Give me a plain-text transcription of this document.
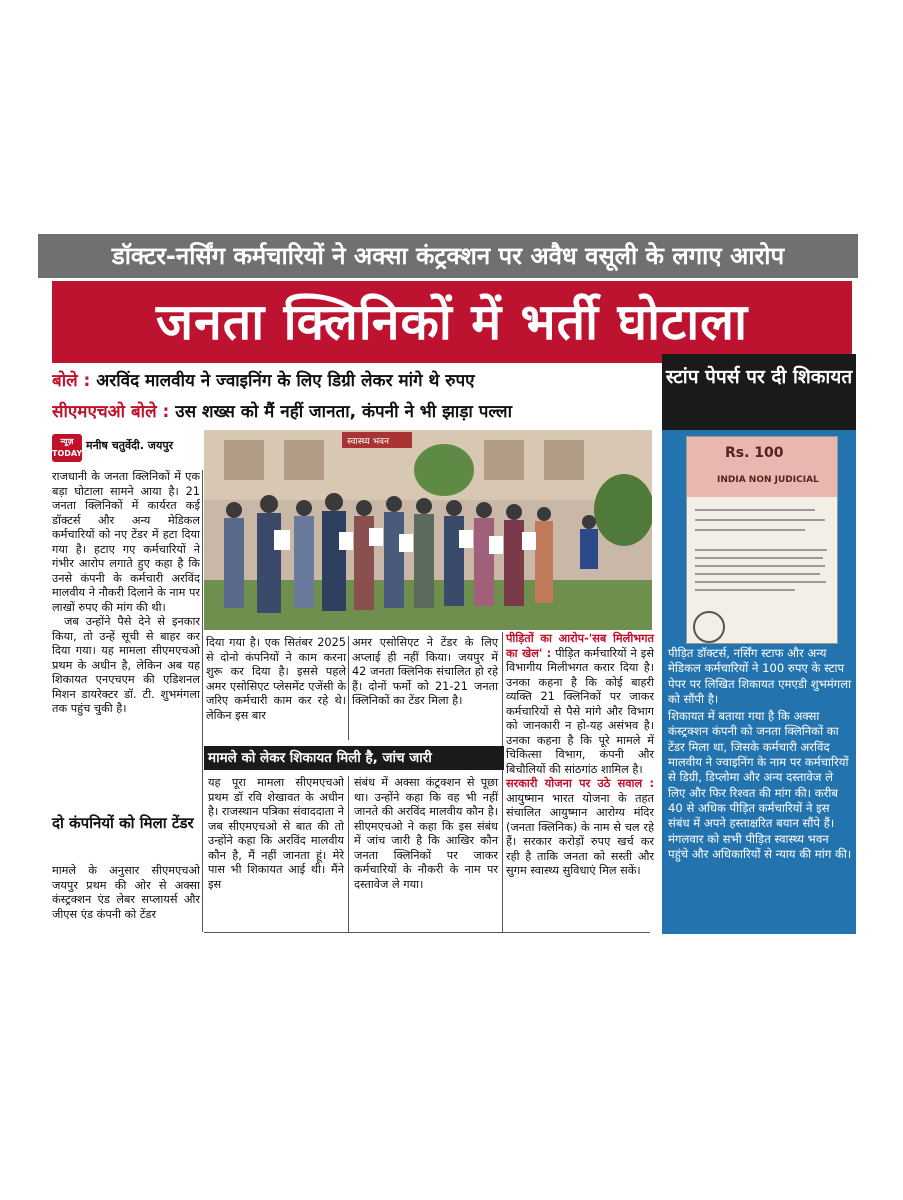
डॉक्टर-नर्सिंग कर्मचारियों ने अक्सा कंट्रक्शन पर अवैध वसूली के लगाए आरोप
जनता क्लिनिकों में भर्ती घोटाला
बोले : अरविंद मालवीय ने ज्वाइनिंग के लिए डिग्री लेकर मांगे थे रुपए
सीएमएचओ बोले : उस शख्स को मैं नहीं जानता, कंपनी ने भी झाड़ा पल्ला
स्टांप पेपर्स पर दी शिकायत
Rs. 100
INDIA NON JUDICIAL

पीड़ित डॉक्टर्स, नर्सिंग स्टाफ और अन्य मेडिकल कर्मचारियों ने 100 रुपए के स्टाप पेपर पर लिखित शिकायत एमएडी शुभमंगला को सौंपी है।

शिकायत में बताया गया है कि अक्सा कंस्ट्रक्शन कंपनी को जनता क्लिनिकों का टेंडर मिला था, जिसके कर्मचारी अरविंद मालवीय ने ज्वाइनिंग के नाम पर कर्मचारियों से डिग्री, डिप्लोमा और अन्य दस्तावेज ले लिए और फिर रिश्वत की मांग की। करीब 40 से अधिक पीड़ित कर्मचारियों ने इस संबंध में अपने हस्ताक्षरित बयान सौंपे हैं। मंगलवार को सभी पीड़ित स्वास्थ्य भवन पहुंचे और अधिकारियों से न्याय की मांग की।

न्यूज़
TODAY
मनीष चतुर्वेदी. जयपुर	स्वास्थ्य भवन

राजधानी के जनता क्लिनिकों में एक बड़ा घोटाला सामने आया है। 21 जनता क्लिनिकों में कार्यरत कई डॉक्टर्स और अन्य मेडिकल कर्मचारियों को नए टेंडर में हटा दिया गया है। हटाए गए कर्मचारियों ने गंभीर आरोप लगाते हुए कहा है कि उनसे कंपनी के कर्मचारी अरविंद मालवीय ने नौकरी दिलाने के नाम पर लाखों रुपए की मांग की थी।

जब उन्होंने पैसे देने से इनकार किया, तो उन्हें सूची से बाहर कर दिया गया। यह मामला सीएमएचओ प्रथम के अधीन है, लेकिन अब यह शिकायत एनएचएम की एडिशनल मिशन डायरेक्टर डॉ. टी. शुभमंगला तक पहुंच चुकी है।

दो कंपनियों को मिला टेंडर

मामले के अनुसार सीएमएचओ जयपुर प्रथम की ओर से अक्सा कंस्ट्रक्शन एंड लेबर सप्लायर्स और जीएस एंड कंपनी को टेंडर

दिया गया है। एक सितंबर 2025 से दोनो कंपनियों ने काम करना शुरू कर दिया है। इससे पहले अमर एसोसिएट प्लेसमेंट एजेंसी के जरिए कर्मचारी काम कर रहे थे। लेकिन इस बार

अमर एसोसिएट ने टेंडर के लिए अप्लाई ही नहीं किया। जयपुर में 42 जनता क्लिनिक संचालित हो रहे हैं। दोनों फर्मो को 21-21 जनता क्लिनिकों का टेंडर मिला है।

मामले को लेकर शिकायत मिली है, जांच जारी

यह पूरा मामला सीएमएचओ प्रथम डॉ रवि शेखावत के अधीन है। राजस्थान पत्रिका संवाददाता ने जब सीएमएचओ से बात की तो उन्होंने कहा कि अरविंद मालवीय कौन है, मैं नहीं जानता हूं। मेरे पास भी शिकायत आई थी। मैंने इस

संबंध में अक्सा कंट्रक्शन से पूछा था। उन्होंने कहा कि वह भी नहीं जानते की अरविंद मालवीय कौन है। सीएमएचओ ने कहा कि इस संबंध में जांच जारी है कि आखिर कौन जनता क्लिनिकों पर जाकर कर्मचारियों के नौकरी के नाम पर दस्तावेज ले गया।

पीड़ितों का आरोप-'सब मिलीभगत का खेल' : पीड़ित कर्मचारियों ने इसे विभागीय मिलीभगत करार दिया है। उनका कहना है कि कोई बाहरी व्यक्ति 21 क्लिनिकों पर जाकर कर्मचारियों से पैसे मांगे और विभाग को जानकारी न हो-यह असंभव है। उनका कहना है कि पूरे मामले में चिकित्सा विभाग, कंपनी और बिचौलियों की सांठगांठ शामिल है।

सरकारी योजना पर उठे सवाल : आयुष्मान भारत योजना के तहत संचालित आयुष्मान आरोग्य मंदिर (जनता क्लिनिक) के नाम से चल रहे हैं। सरकार करोड़ों रुपए खर्च कर रही है ताकि जनता को सस्ती और सुगम स्वास्थ्य सुविधाएं मिल सकें।
